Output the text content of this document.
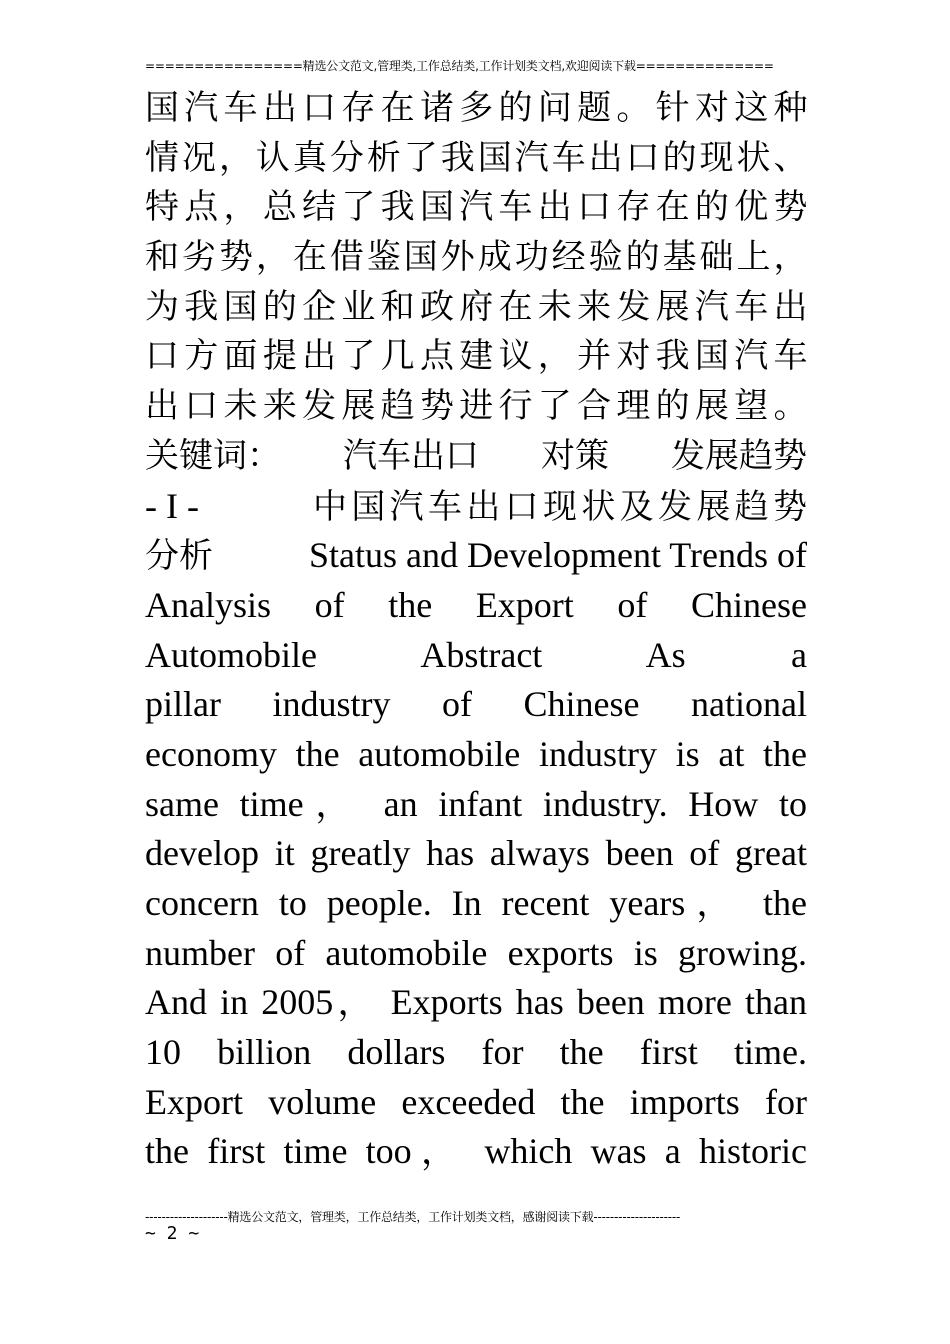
================精选公文范文,管理类,工作总结类,工作计划类文档,欢迎阅读下载==============
国汽车出口存在诸多的问题。针对这种
情况，认真分析了我国汽车出口的现状、
特点，总结了我国汽车出口存在的优势
和劣势，在借鉴国外成功经验的基础上，
为我国的企业和政府在未来发展汽车出
口方面提出了几点建议，并对我国汽车
出口未来发展趋势进行了合理的展望。
关键词： 汽车出口 对策 发展趋势
- I -	中国汽车出口现状及发展趋势
分析	Status and Development Trends of
Analysis of the Export of Chinese
Automobile Abstract As a
pillar industry of Chinese national
economy the automobile industry is at the
same time， an infant industry. How to
develop it greatly has always been of great
concern to people. In recent years， the
number of automobile exports is growing.
And in 2005， Exports has been more than
10 billion dollars for the first time.
Export volume exceeded the imports for
the first time too， which was a historic
--------------------精选公文范文，管理类，工作总结类，工作计划类文档，感谢阅读下载---------------------
~ 2 ~
